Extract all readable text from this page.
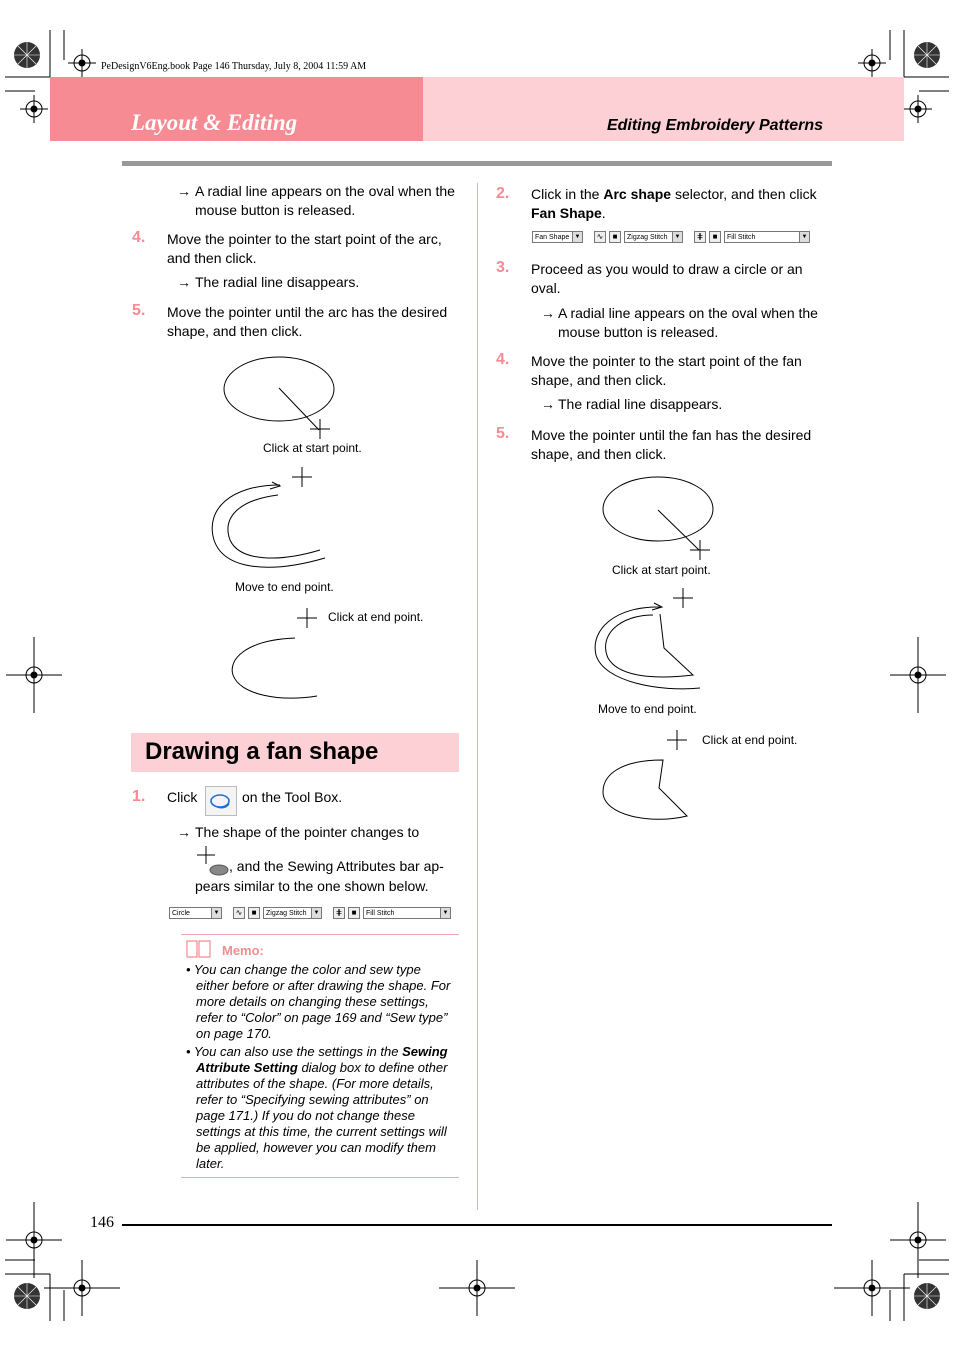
PeDesignV6Eng.book Page 146 Thursday, July 8, 2004 11:59 AM
Layout & Editing	Editing Embroidery Patterns
→ A radial line appears on the oval when the
mouse button is released.
4. Move the pointer to the start point of the arc,
and then click.
→ The radial line disappears.
5. Move the pointer until the arc has the desired
shape, and then click.
Click at start point.
Move to end point.
Click at end point.
Drawing a fan shape
1. Click	on the Tool Box.
→ The shape of the pointer changes to
, and the Sewing Attributes bar ap-
pears similar to the one shown below.
Circle	▼	∿	■	Zigzag Stitch	▼	⋕	■	Fill Stitch	▼
Memo:

• You can change the color and sew type either before or after drawing the shape. For more details on changing these settings, refer to “Color” on page 169 and “Sew type” on page 170.

• You can also use the settings in the Sewing Attribute Setting dialog box to define other attributes of the shape. (For more details, refer to “Specifying sewing attributes” on page 171.) If you do not change these settings at this time, the current settings will be applied, however you can modify them later.

2. Click in the Arc shape selector, and then click
Fan Shape.
Fan Shape ▼	∿	■	Zigzag Stitch	▼	⋕	■	Fill Stitch	▼
3. Proceed as you would to draw a circle or an
oval.
→ A radial line appears on the oval when the
mouse button is released.
4. Move the pointer to the start point of the fan
shape, and then click.
→ The radial line disappears.
5. Move the pointer until the fan has the desired
shape, and then click.
Click at start point.
Move to end point.
Click at end point.
146
